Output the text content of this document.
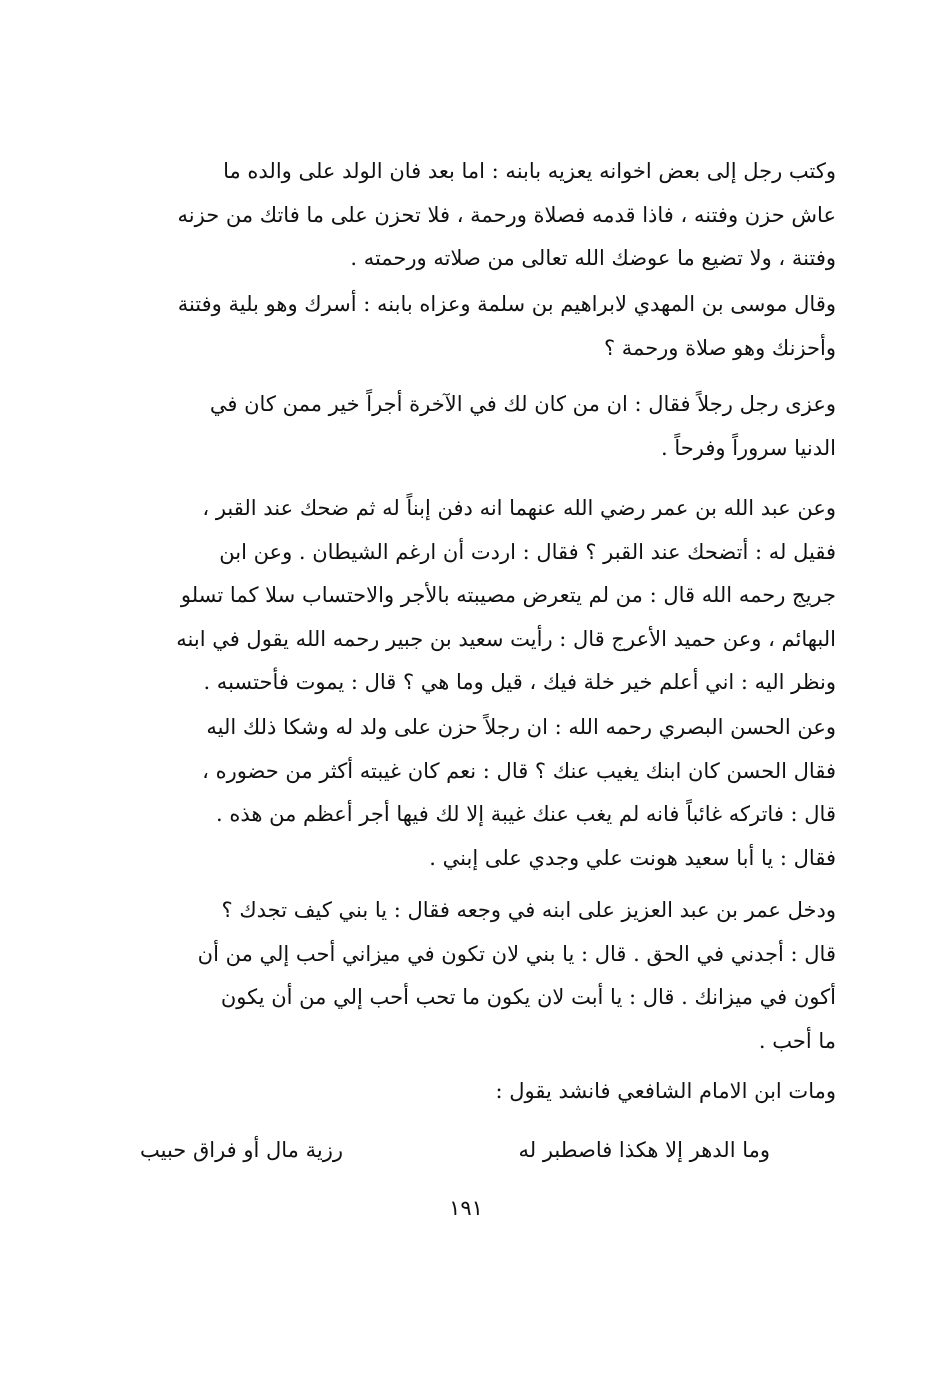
وكتب رجل إلى بعض اخوانه يعزيه بابنه : اما بعد فان الولد على والده ما
عاش حزن وفتنه ، فاذا قدمه فصلاة ورحمة ، فلا تحزن على ما فاتك من حزنه
وفتنة ، ولا تضيع ما عوضك الله تعالى من صلاته ورحمته .
وقال موسى بن المهدي لابراهيم بن سلمة وعزاه بابنه : أسرك وهو بلية وفتنة
وأحزنك وهو صلاة ورحمة ؟
وعزى رجل رجلاً فقال : ان من كان لك في الآخرة أجراً خير ممن كان في
الدنيا سروراً وفرحاً .
وعن عبد الله بن عمر رضي الله عنهما انه دفن إبناً له ثم ضحك عند القبر ،
فقيل له : أتضحك عند القبر ؟ فقال : اردت أن ارغم الشيطان . وعن ابن
جريج رحمه الله قال : من لم يتعرض مصيبته بالأجر والاحتساب سلا كما تسلو
البهائم ، وعن حميد الأعرج قال : رأيت سعيد بن جبير رحمه الله يقول في ابنه
ونظر اليه : اني أعلم خير خلة فيك ، قيل وما هي ؟ قال : يموت فأحتسبه .
وعن الحسن البصري رحمه الله : ان رجلاً حزن على ولد له وشكا ذلك اليه
فقال الحسن كان ابنك يغيب عنك ؟ قال : نعم كان غيبته أكثر من حضوره ،
قال : فاتركه غائباً فانه لم يغب عنك غيبة إلا لك فيها أجر أعظم من هذه .
فقال : يا أبا سعيد هونت علي وجدي على إبني .
ودخل عمر بن عبد العزيز على ابنه في وجعه فقال : يا بني كيف تجدك ؟
قال : أجدني في الحق . قال : يا بني لان تكون في ميزاني أحب إلي من أن
أكون في ميزانك . قال : يا أبت لان يكون ما تحب أحب إلي من أن يكون
ما أحب .
ومات ابن الامام الشافعي فانشد يقول :
وما الدهر إلا هكذا فاصطبر له
رزية مال أو فراق حبيب
١٩١
